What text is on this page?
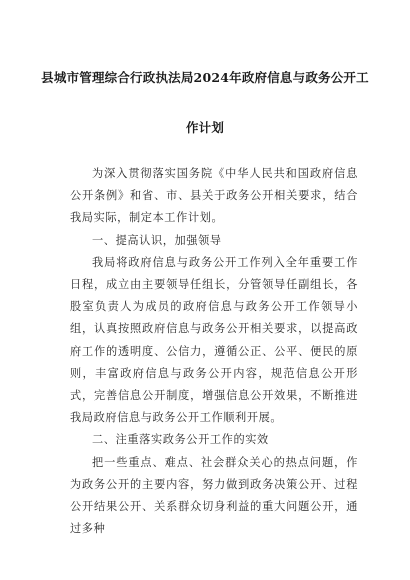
县城市管理综合行政执法局2024年政府信息与政务公开工
作计划

为深入贯彻落实国务院《中华人民共和国政府信息公开条例》和省、市、县关于政务公开相关要求，结合我局实际，制定本工作计划。

一、提高认识，加强领导

我局将政府信息与政务公开工作列入全年重要工作日程，成立由主要领导任组长，分管领导任副组长，各股室负责人为成员的政府信息与政务公开工作领导小组，认真按照政府信息与政务公开相关要求，以提高政府工作的透明度、公信力，遵循公正、公平、便民的原则，丰富政府信息与政务公开内容，规范信息公开形式，完善信息公开制度，增强信息公开效果，不断推进我局政府信息与政务公开工作顺利开展。

二、注重落实政务公开工作的实效

把一些重点、难点、社会群众关心的热点问题，作为政务公开的主要内容，努力做到政务决策公开、过程公开结果公开、关系群众切身利益的重大问题公开，通过多种
